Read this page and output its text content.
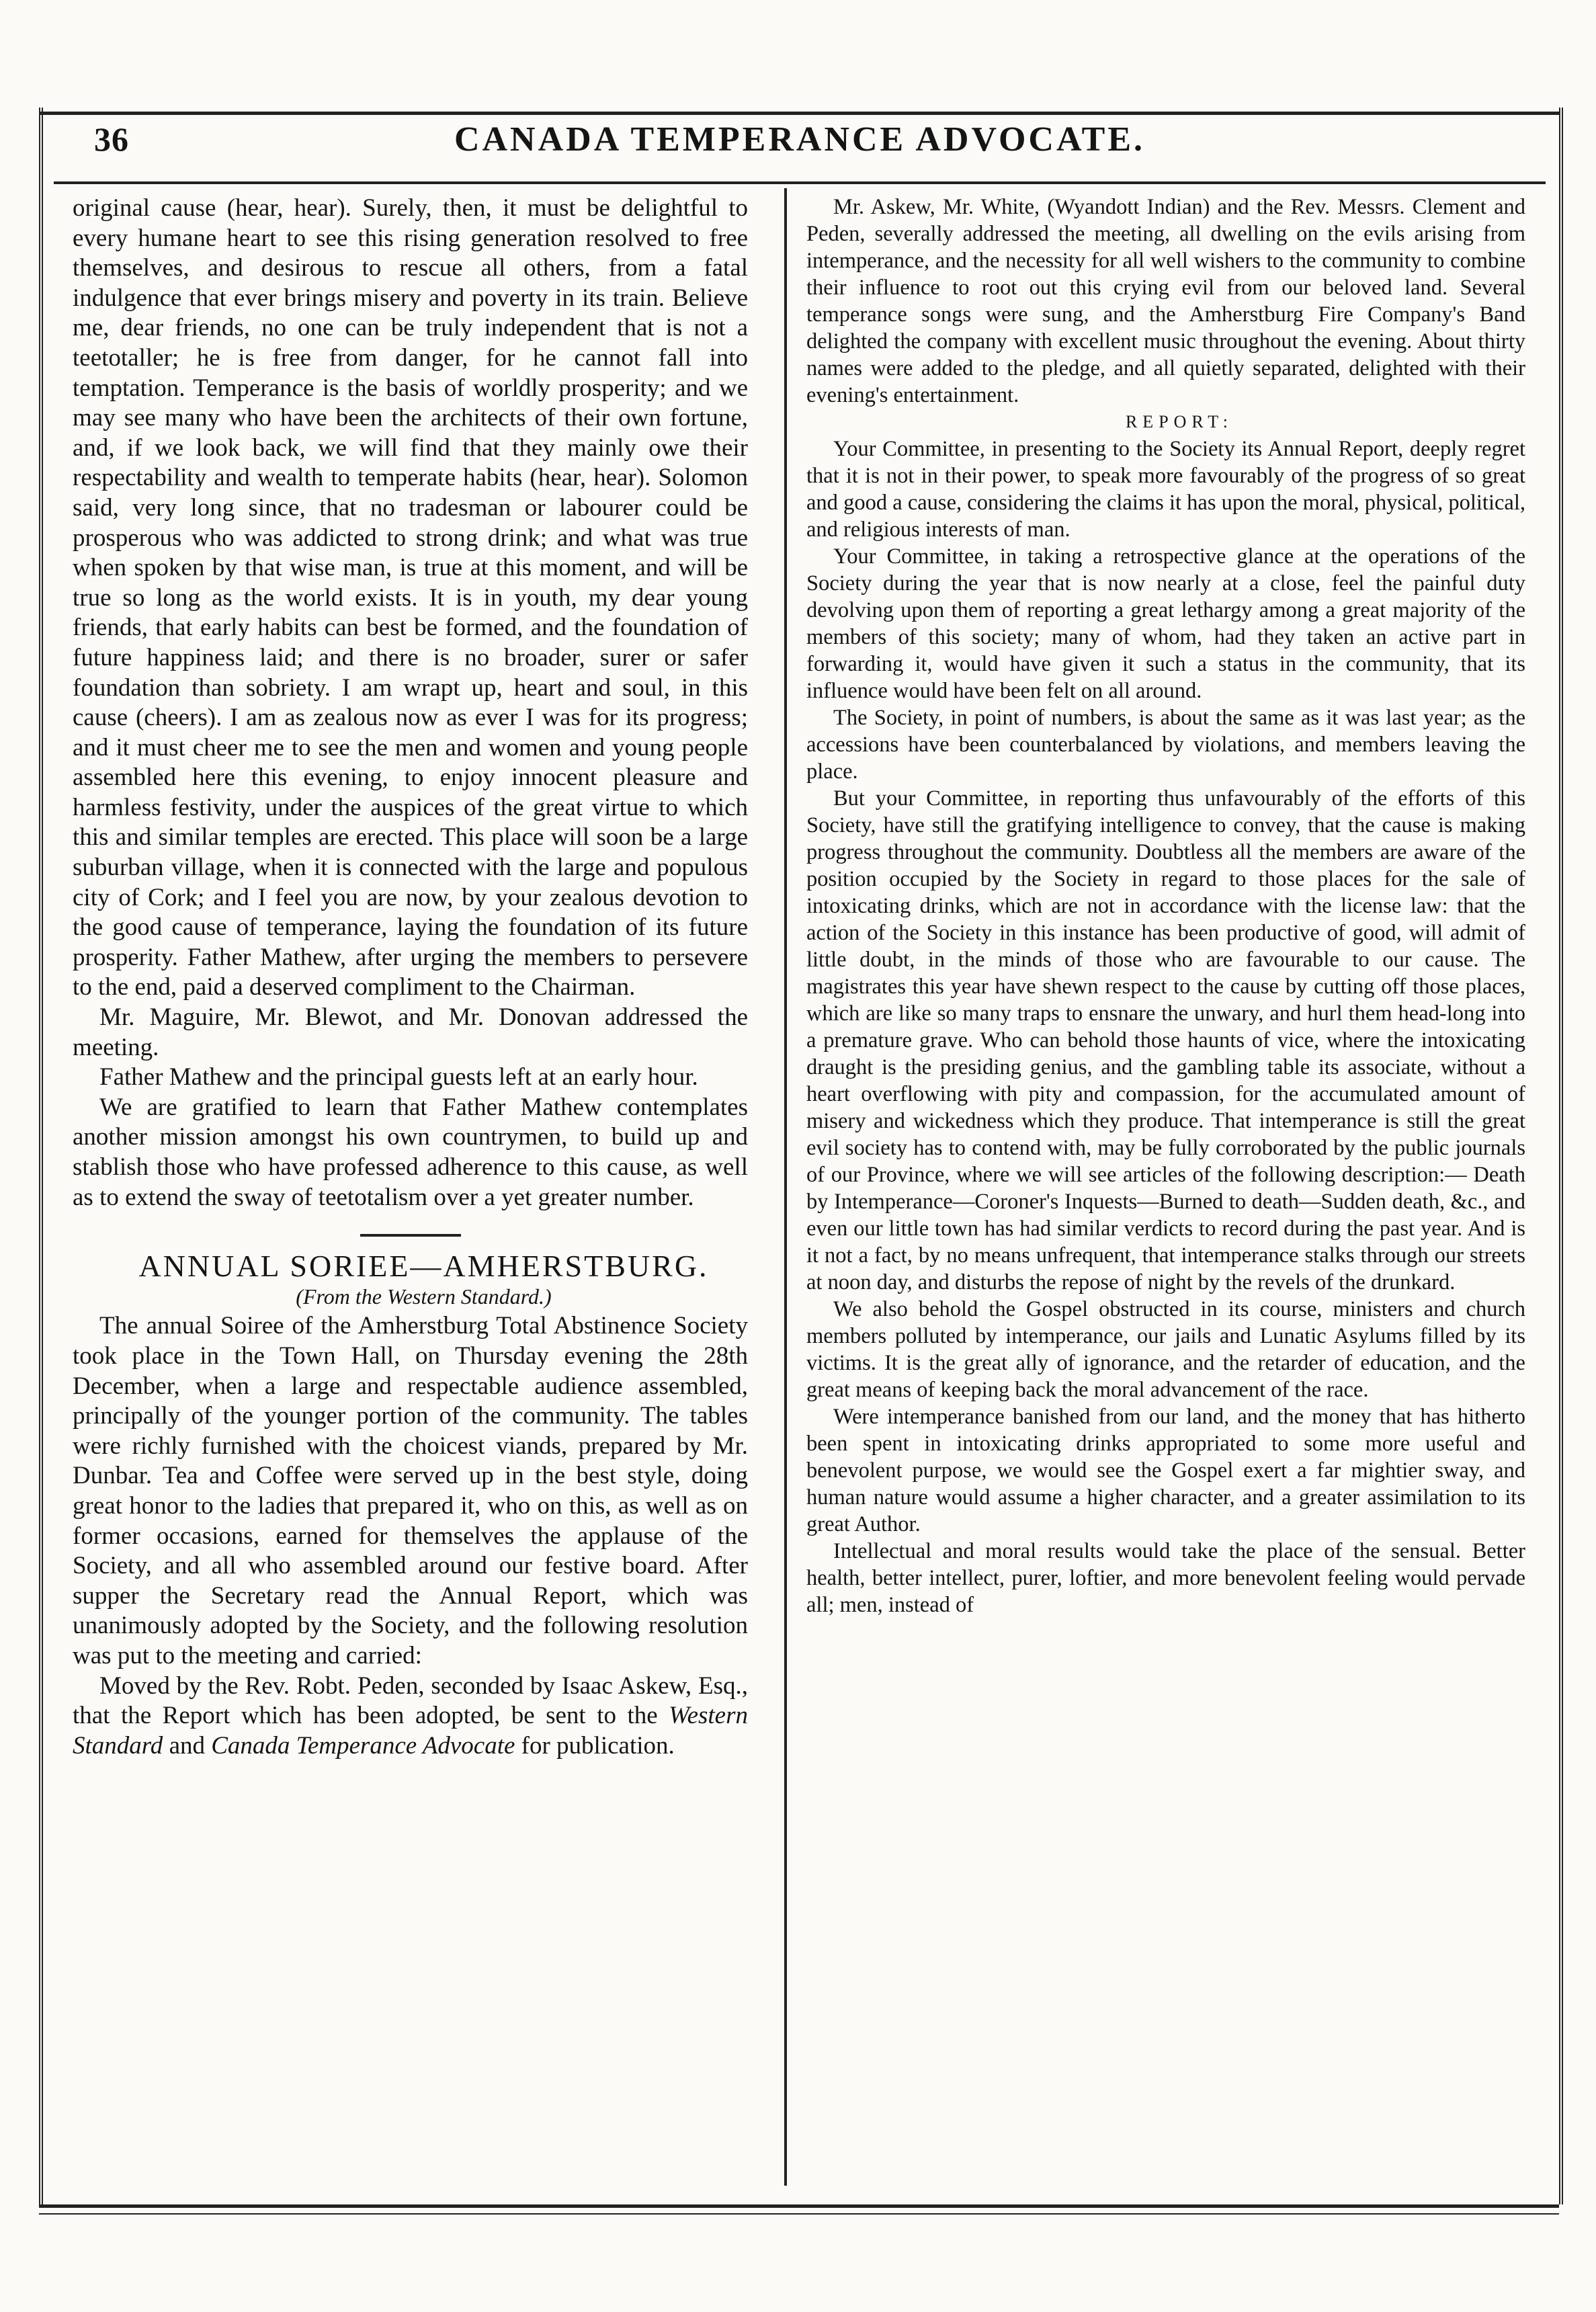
36	CANADA TEMPERANCE ADVOCATE.

original cause (hear, hear). Surely, then, it must be delightful to every humane heart to see this rising generation resolved to free themselves, and desirous to rescue all others, from a fatal indulgence that ever brings misery and poverty in its train. Believe me, dear friends, no one can be truly independent that is not a teetotaller; he is free from danger, for he cannot fall into temptation. Temperance is the basis of worldly prosperity; and we may see many who have been the architects of their own fortune, and, if we look back, we will find that they mainly owe their respectability and wealth to temperate habits (hear, hear). Solomon said, very long since, that no tradesman or labourer could be prosperous who was addicted to strong drink; and what was true when spoken by that wise man, is true at this moment, and will be true so long as the world exists. It is in youth, my dear young friends, that early habits can best be formed, and the foundation of future happiness laid; and there is no broader, surer or safer foundation than sobriety. I am wrapt up, heart and soul, in this cause (cheers). I am as zealous now as ever I was for its progress; and it must cheer me to see the men and women and young people assembled here this evening, to enjoy innocent pleasure and harmless festivity, under the auspices of the great virtue to which this and similar temples are erected. This place will soon be a large suburban village, when it is connected with the large and populous city of Cork; and I feel you are now, by your zealous devotion to the good cause of temperance, laying the foundation of its future prosperity. Father Mathew, after urging the members to persevere to the end, paid a deserved compliment to the Chairman.

Mr. Maguire, Mr. Blewot, and Mr. Donovan addressed the meeting.

Father Mathew and the principal guests left at an early hour.

We are gratified to learn that Father Mathew contemplates another mission amongst his own countrymen, to build up and stablish those who have professed adherence to this cause, as well as to extend the sway of teetotalism over a yet greater number.

ANNUAL SORIEE—AMHERSTBURG.

(From the Western Standard.)

The annual Soiree of the Amherstburg Total Abstinence Society took place in the Town Hall, on Thursday evening the 28th December, when a large and respectable audience assembled, principally of the younger portion of the community. The tables were richly furnished with the choicest viands, prepared by Mr. Dunbar. Tea and Coffee were served up in the best style, doing great honor to the ladies that prepared it, who on this, as well as on former occasions, earned for themselves the applause of the Society, and all who assembled around our festive board. After supper the Secretary read the Annual Report, which was unanimously adopted by the Society, and the following resolution was put to the meeting and carried:

Moved by the Rev. Robt. Peden, seconded by Isaac Askew, Esq., that the Report which has been adopted, be sent to the Western Standard and Canada Temperance Advocate for publication.

Mr. Askew, Mr. White, (Wyandott Indian) and the Rev. Messrs. Clement and Peden, severally addressed the meeting, all dwelling on the evils arising from intemperance, and the necessity for all well wishers to the community to combine their influence to root out this crying evil from our beloved land. Several temperance songs were sung, and the Amherstburg Fire Company's Band delighted the company with excellent music throughout the evening. About thirty names were added to the pledge, and all quietly separated, delighted with their evening's entertainment.

REPORT:

Your Committee, in presenting to the Society its Annual Report, deeply regret that it is not in their power, to speak more favourably of the progress of so great and good a cause, considering the claims it has upon the moral, physical, political, and religious interests of man.

Your Committee, in taking a retrospective glance at the operations of the Society during the year that is now nearly at a close, feel the painful duty devolving upon them of reporting a great lethargy among a great majority of the members of this society; many of whom, had they taken an active part in forwarding it, would have given it such a status in the community, that its influence would have been felt on all around.

The Society, in point of numbers, is about the same as it was last year; as the accessions have been counterbalanced by violations, and members leaving the place.

But your Committee, in reporting thus unfavourably of the efforts of this Society, have still the gratifying intelligence to convey, that the cause is making progress throughout the community. Doubtless all the members are aware of the position occupied by the Society in regard to those places for the sale of intoxicating drinks, which are not in accordance with the license law: that the action of the Society in this instance has been productive of good, will admit of little doubt, in the minds of those who are favourable to our cause. The magistrates this year have shewn respect to the cause by cutting off those places, which are like so many traps to ensnare the unwary, and hurl them head-long into a premature grave. Who can behold those haunts of vice, where the intoxicating draught is the presiding genius, and the gambling table its associate, without a heart overflowing with pity and compassion, for the accumulated amount of misery and wickedness which they produce. That intemperance is still the great evil society has to contend with, may be fully corroborated by the public journals of our Province, where we will see articles of the following description:— Death by Intemperance—Coroner's Inquests—Burned to death—Sudden death, &c., and even our little town has had similar verdicts to record during the past year. And is it not a fact, by no means unfrequent, that intemperance stalks through our streets at noon day, and disturbs the repose of night by the revels of the drunkard.

We also behold the Gospel obstructed in its course, ministers and church members polluted by intemperance, our jails and Lunatic Asylums filled by its victims. It is the great ally of ignorance, and the retarder of education, and the great means of keeping back the moral advancement of the race.

Were intemperance banished from our land, and the money that has hitherto been spent in intoxicating drinks appropriated to some more useful and benevolent purpose, we would see the Gospel exert a far mightier sway, and human nature would assume a higher character, and a greater assimilation to its great Author.

Intellectual and moral results would take the place of the sensual. Better health, better intellect, purer, loftier, and more benevolent feeling would pervade all; men, instead of
